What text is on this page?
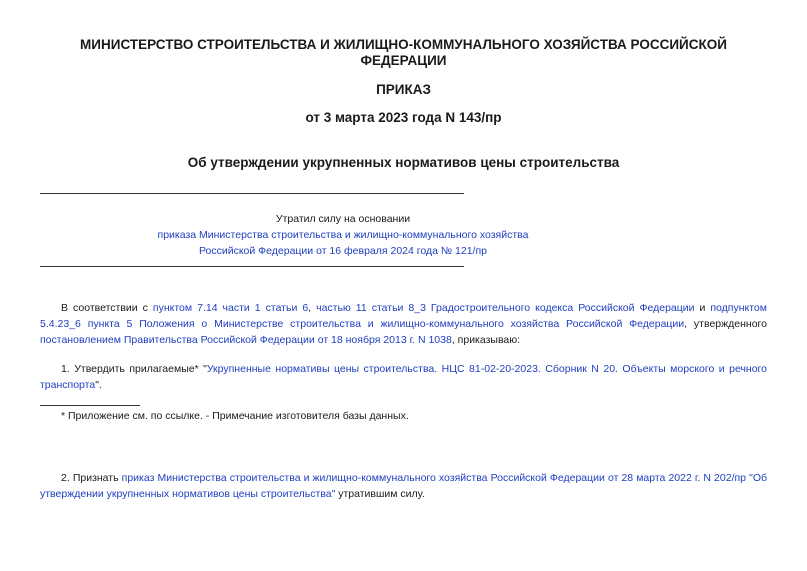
МИНИСТЕРСТВО СТРОИТЕЛЬСТВА И ЖИЛИЩНО-КОММУНАЛЬНОГО ХОЗЯЙСТВА РОССИЙСКОЙ ФЕДЕРАЦИИ
ПРИКАЗ
от 3 марта 2023 года N 143/пр
Об утверждении укрупненных нормативов цены строительства
Утратил силу на основании
приказа Министерства строительства и жилищно-коммунального хозяйства
Российской Федерации от 16 февраля 2024 года № 121/пр
В соответствии с пунктом 7.14 части 1 статьи 6, частью 11 статьи 8_3 Градостроительного кодекса Российской Федерации и подпунктом 5.4.23_6 пункта 5 Положения о Министерстве строительства и жилищно-коммунального хозяйства Российской Федерации, утвержденного постановлением Правительства Российской Федерации от 18 ноября 2013 г. N 1038, приказываю:
1. Утвердить прилагаемые* "Укрупненные нормативы цены строительства. НЦС 81-02-20-2023. Сборник N 20. Объекты морского и речного транспорта".
* Приложение см. по ссылке. - Примечание изготовителя базы данных.
2. Признать приказ Министерства строительства и жилищно-коммунального хозяйства Российской Федерации от 28 марта 2022 г. N 202/пр "Об утверждении укрупненных нормативов цены строительства" утратившим силу.
